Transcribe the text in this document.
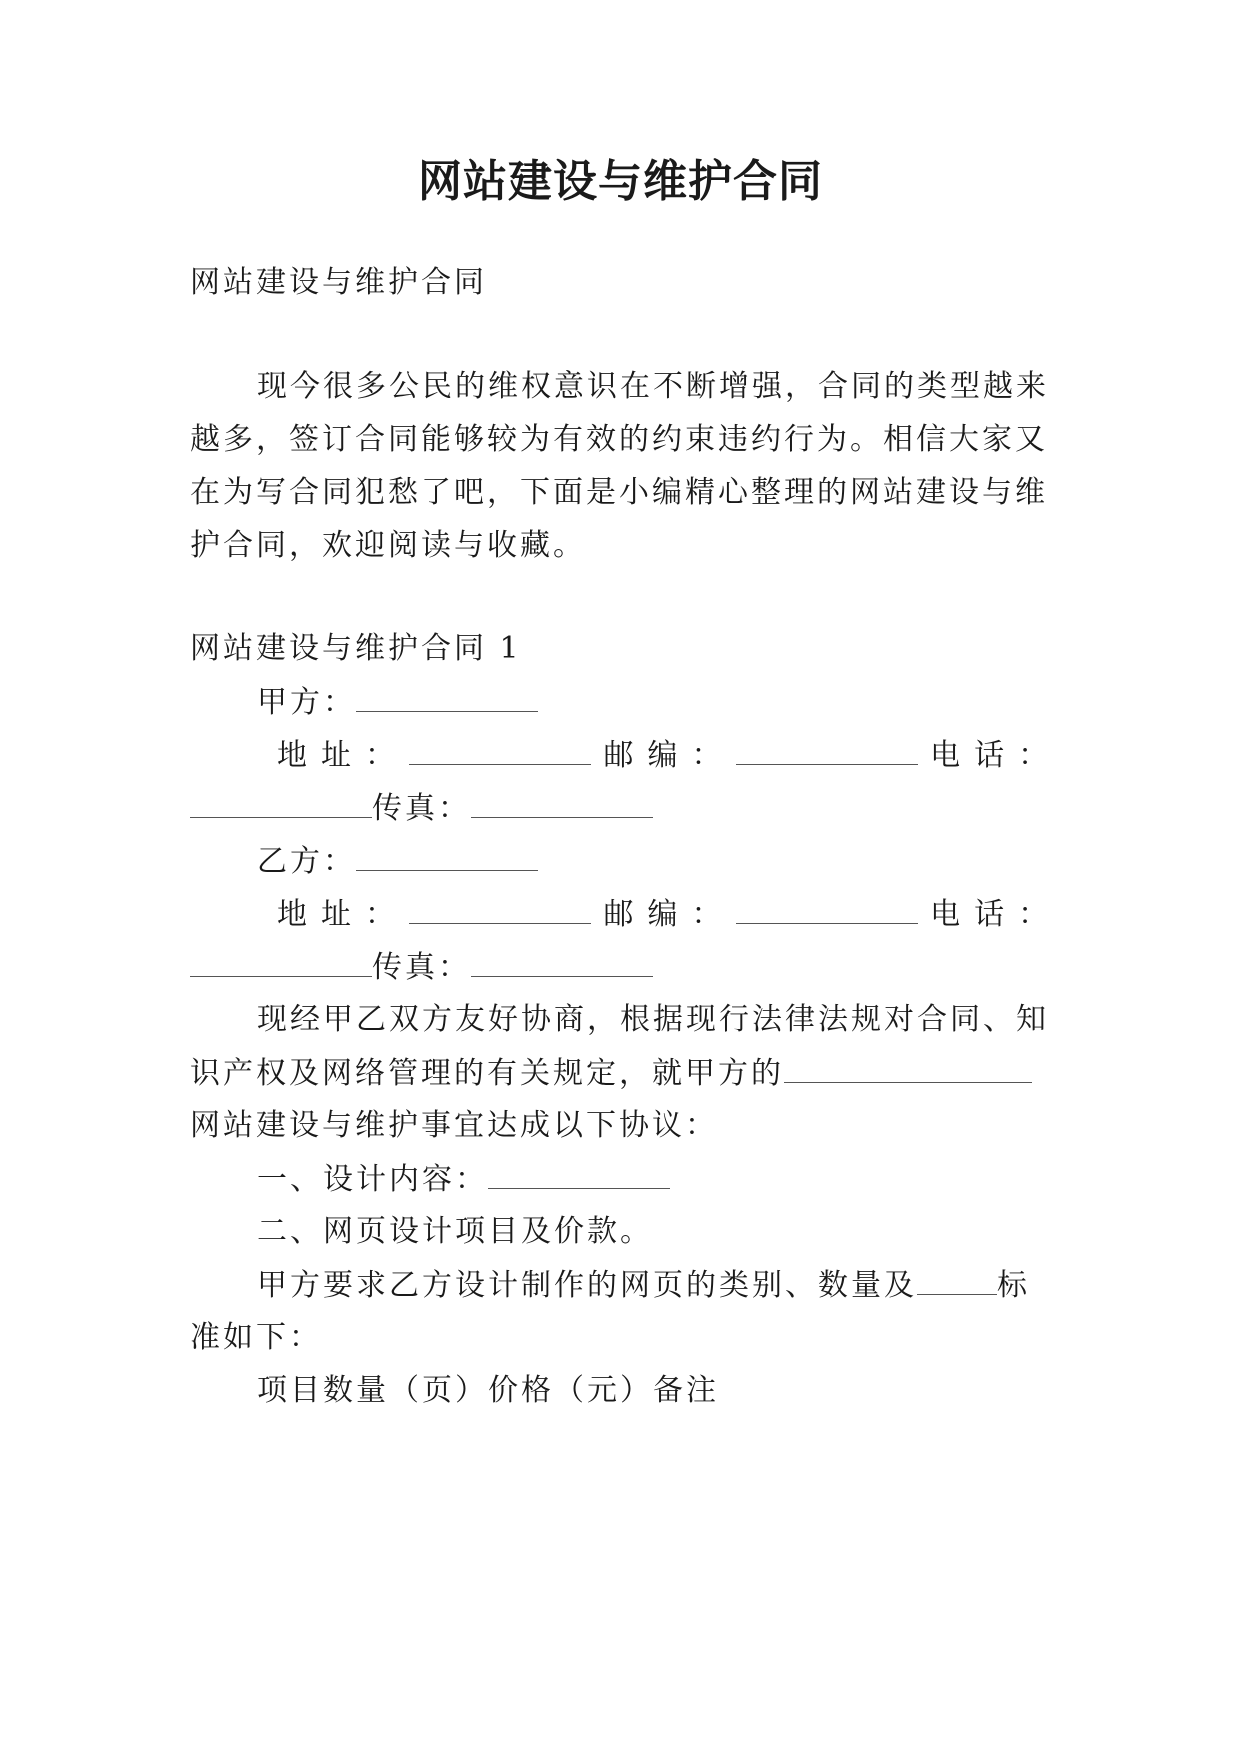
网站建设与维护合同
网站建设与维护合同
现今很多公民的维权意识在不断增强，合同的类型越来
越多，签订合同能够较为有效的约束违约行为。相信大家又
在为写合同犯愁了吧，下面是小编精心整理的网站建设与维
护合同，欢迎阅读与收藏。
网站建设与维护合同 1
甲方：
地址：	邮编：	电话：
传真：
乙方：
地址：	邮编：	电话：
传真：
现经甲乙双方友好协商，根据现行法律法规对合同、知
识产权及网络管理的有关规定，就甲方的
网站建设与维护事宜达成以下协议：
一、设计内容：
二、网页设计项目及价款。
甲方要求乙方设计制作的网页的类别、数量及	标
准如下：
项目数量（页）价格（元）备注
